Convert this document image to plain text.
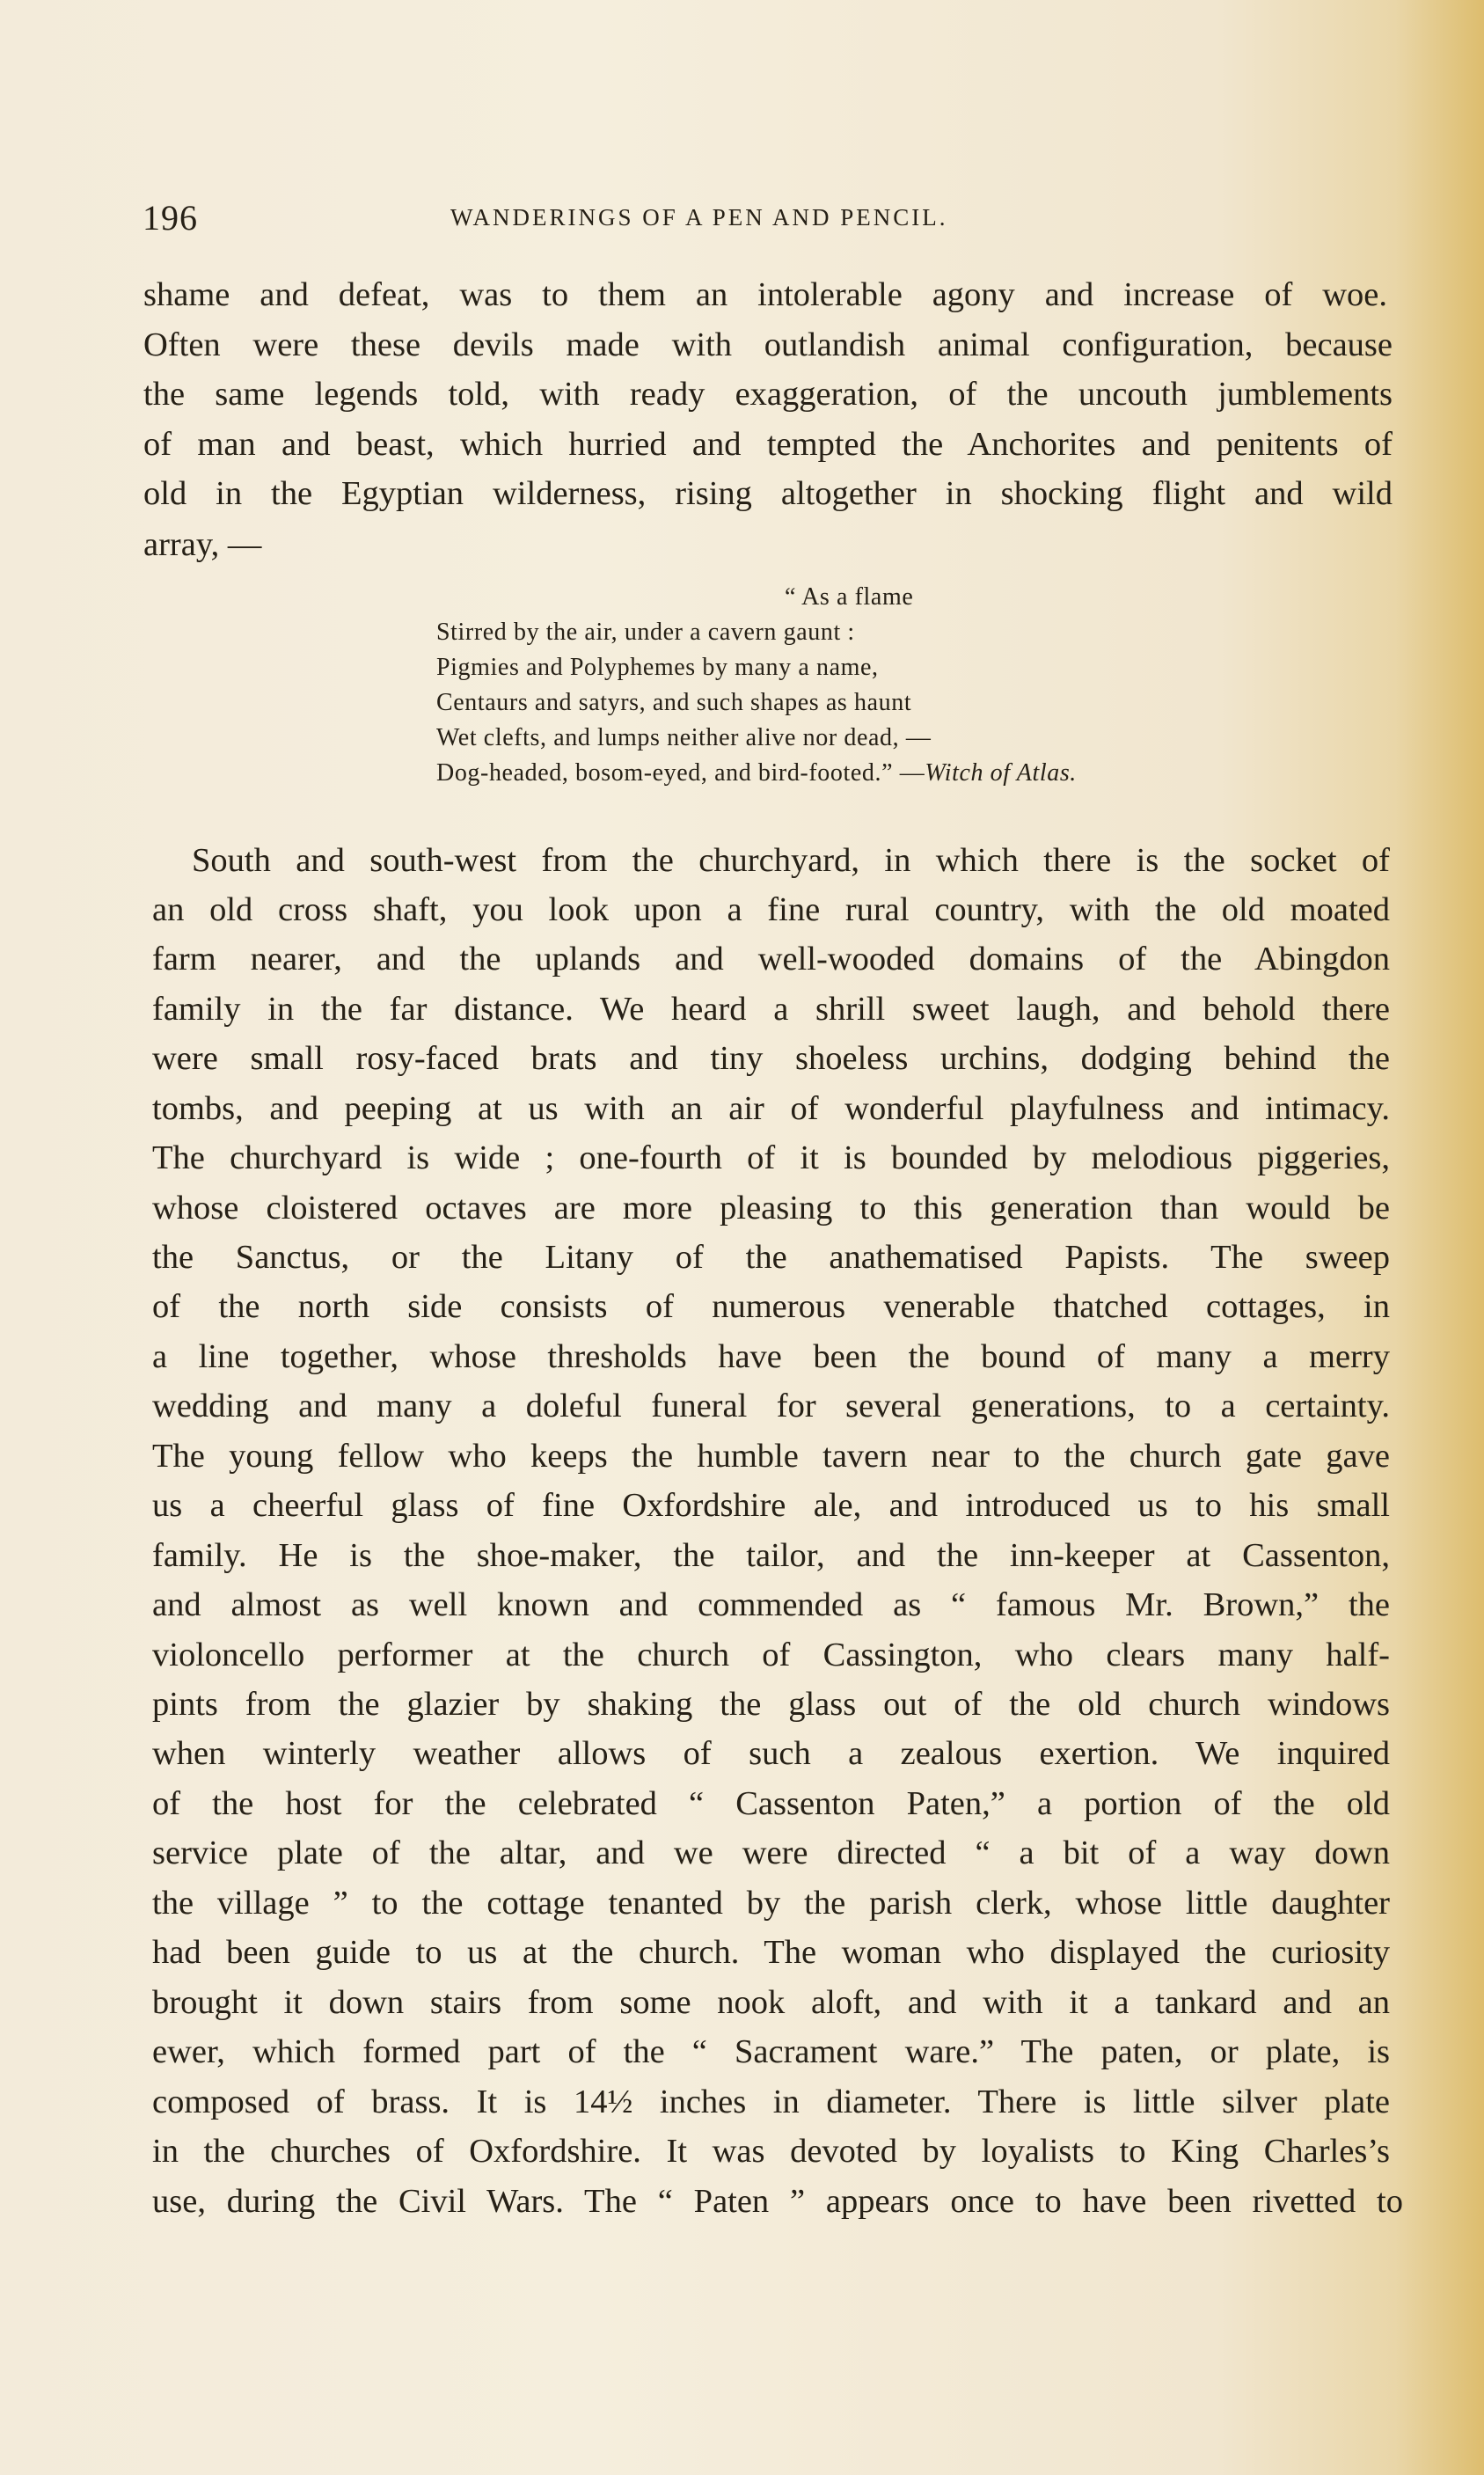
196	WANDERINGS OF A PEN AND PENCIL.
shame and defeat, was to them an intolerable agony and increase of woe.
Often were these devils made with outlandish animal configuration, because
the same legends told, with ready exaggeration, of the uncouth jumblements
of man and beast, which hurried and tempted the Anchorites and penitents of
old in the Egyptian wilderness, rising altogether in shocking flight and wild
array, —
“ As a flame
Stirred by the air, under a cavern gaunt :
Pigmies and Polyphemes by many a name,
Centaurs and satyrs, and such shapes as haunt
Wet clefts, and lumps neither alive nor dead, —
Dog-headed, bosom-eyed, and bird-footed.” —Witch of Atlas.
South and south-west from the churchyard, in which there is the socket of
an old cross shaft, you look upon a fine rural country, with the old moated
farm nearer, and the uplands and well-wooded domains of the Abingdon
family in the far distance. We heard a shrill sweet laugh, and behold there
were small rosy-faced brats and tiny shoeless urchins, dodging behind the
tombs, and peeping at us with an air of wonderful playfulness and intimacy.
The churchyard is wide ; one-fourth of it is bounded by melodious piggeries,
whose cloistered octaves are more pleasing to this generation than would be
the Sanctus, or the Litany of the anathematised Papists. The sweep
of the north side consists of numerous venerable thatched cottages, in
a line together, whose thresholds have been the bound of many a merry
wedding and many a doleful funeral for several generations, to a certainty.
The young fellow who keeps the humble tavern near to the church gate gave
us a cheerful glass of fine Oxfordshire ale, and introduced us to his small
family. He is the shoe-maker, the tailor, and the inn-keeper at Cassenton,
and almost as well known and commended as “ famous Mr. Brown,” the
violoncello performer at the church of Cassington, who clears many half-
pints from the glazier by shaking the glass out of the old church windows
when winterly weather allows of such a zealous exertion. We inquired
of the host for the celebrated “ Cassenton Paten,” a portion of the old
service plate of the altar, and we were directed “ a bit of a way down
the village ” to the cottage tenanted by the parish clerk, whose little daughter
had been guide to us at the church. The woman who displayed the curiosity
brought it down stairs from some nook aloft, and with it a tankard and an
ewer, which formed part of the “ Sacrament ware.” The paten, or plate, is
composed of brass. It is 14½ inches in diameter. There is little silver plate
in the churches of Oxfordshire. It was devoted by loyalists to King Charles’s
use, during the Civil Wars. The “ Paten ” appears once to have been rivetted to
